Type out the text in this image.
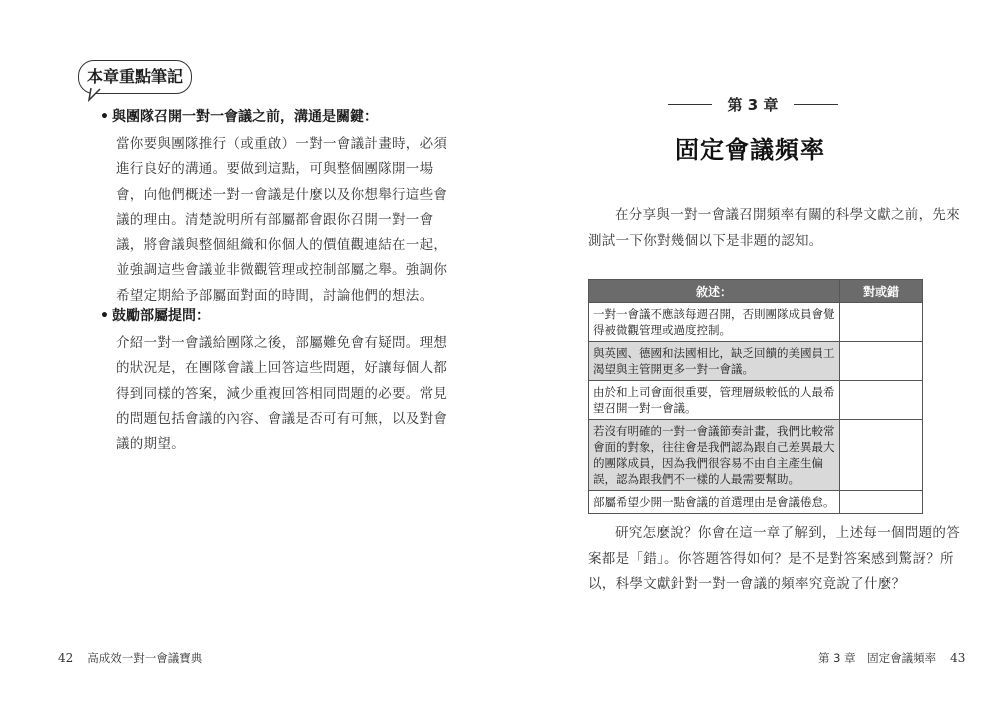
本章重點筆記
• 與團隊召開一對一會議之前，溝通是關鍵：
當你要與團隊推行（或重啟）一對一會議計畫時，必須
進行良好的溝通。要做到這點，可與整個團隊開一場
會，向他們概述一對一會議是什麼以及你想舉行這些會
議的理由。清楚說明所有部屬都會跟你召開一對一會
議，將會議與整個組織和你個人的價值觀連結在一起，
並強調這些會議並非微觀管理或控制部屬之舉。強調你
希望定期給予部屬面對面的時間，討論他們的想法。
• 鼓勵部屬提問：
介紹一對一會議給團隊之後，部屬難免會有疑問。理想
的狀況是，在團隊會議上回答這些問題，好讓每個人都
得到同樣的答案，減少重複回答相同問題的必要。常見
的問題包括會議的內容、會議是否可有可無，以及對會
議的期望。
42 高成效一對一會議寶典
第 3 章
固定會議頻率
在分享與一對一會議召開頻率有關的科學文獻之前，先來
測試一下你對幾個以下是非題的認知。
敘述：	對或錯

一對一會議不應該每週召開，否則團隊成員會覺
得被微觀管理或過度控制。	

與英國、德國和法國相比，缺乏回饋的美國員工
渴望與主管開更多一對一會議。	

由於和上司會面很重要，管理層級較低的人最希
望召開一對一會議。	

若沒有明確的一對一會議節奏計畫，我們比較常
會面的對象，往往會是我們認為跟自己差異最大
的團隊成員，因為我們很容易不由自主產生偏
誤，認為跟我們不一樣的人最需要幫助。	

部屬希望少開一點會議的首選理由是會議倦怠。	

研究怎麼說？你會在這一章了解到，上述每一個問題的答
案都是「錯」。你答題答得如何？是不是對答案感到驚訝？所
以，科學文獻針對一對一會議的頻率究竟說了什麼？
第 3 章　固定會議頻率 43
